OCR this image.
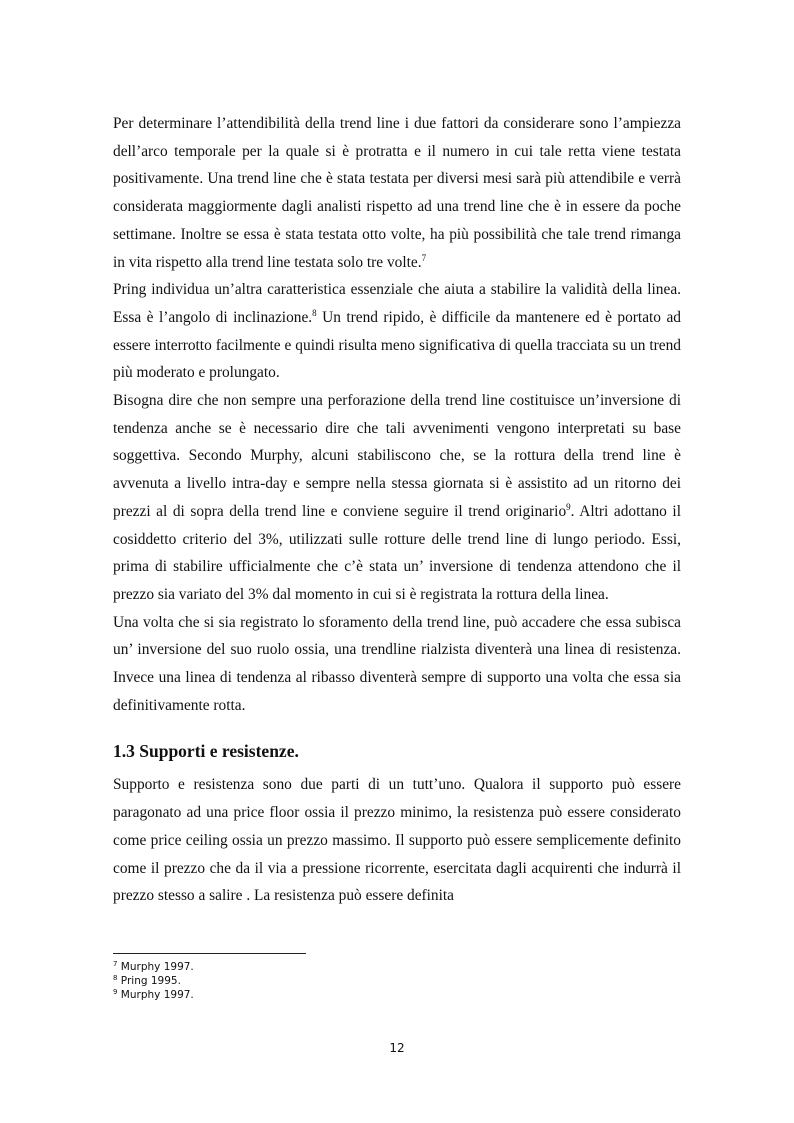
Per determinare l’attendibilità della trend line i due fattori da considerare sono l’ampiezza dell’arco temporale per la quale si è protratta e il numero in cui tale retta viene testata positivamente. Una trend line che è stata testata per diversi mesi sarà più attendibile e verrà considerata maggiormente dagli analisti rispetto ad una trend line che è in essere da poche settimane. Inoltre se essa è stata testata otto volte, ha più possibilità che tale trend rimanga in vita rispetto alla trend line testata solo tre volte.$^7$

Pring individua un’altra caratteristica essenziale che aiuta a stabilire la validità della linea. Essa è l’angolo di inclinazione.$^8$ Un trend ripido, è difficile da mantenere ed è portato ad essere interrotto facilmente e quindi risulta meno significativa di quella tracciata su un trend più moderato e prolungato.

Bisogna dire che non sempre una perforazione della trend line costituisce un’inversione di tendenza anche se è necessario dire che tali avvenimenti vengono interpretati su base soggettiva. Secondo Murphy, alcuni stabiliscono che, se la rottura della trend line è avvenuta a livello intra-day e sempre nella stessa giornata si è assistito ad un ritorno dei prezzi al di sopra della trend line e conviene seguire il trend originario$^9$. Altri adottano il cosiddetto criterio del 3%, utilizzati sulle rotture delle trend line di lungo periodo. Essi, prima di stabilire ufficialmente che c’è stata un’ inversione di tendenza attendono che il prezzo sia variato del 3% dal momento in cui si è registrata la rottura della linea.

Una volta che si sia registrato lo sforamento della trend line, può accadere che essa subisca un’ inversione del suo ruolo ossia, una trendline rialzista diventerà una linea di resistenza. Invece una linea di tendenza al ribasso diventerà sempre di supporto una volta che essa sia definitivamente rotta.

1.3 Supporti e resistenze.

Supporto e resistenza sono due parti di un tutt’uno. Qualora il supporto può essere paragonato ad una price floor ossia il prezzo minimo, la resistenza può essere considerato come price ceiling ossia un prezzo massimo. Il supporto può essere semplicemente definito come il prezzo che da il via a pressione ricorrente, esercitata dagli acquirenti che indurrà il prezzo stesso a salire . La resistenza può essere definita

$^7$ Murphy 1997.
$^8$ Pring 1995.
$^9$ Murphy 1997.
12
